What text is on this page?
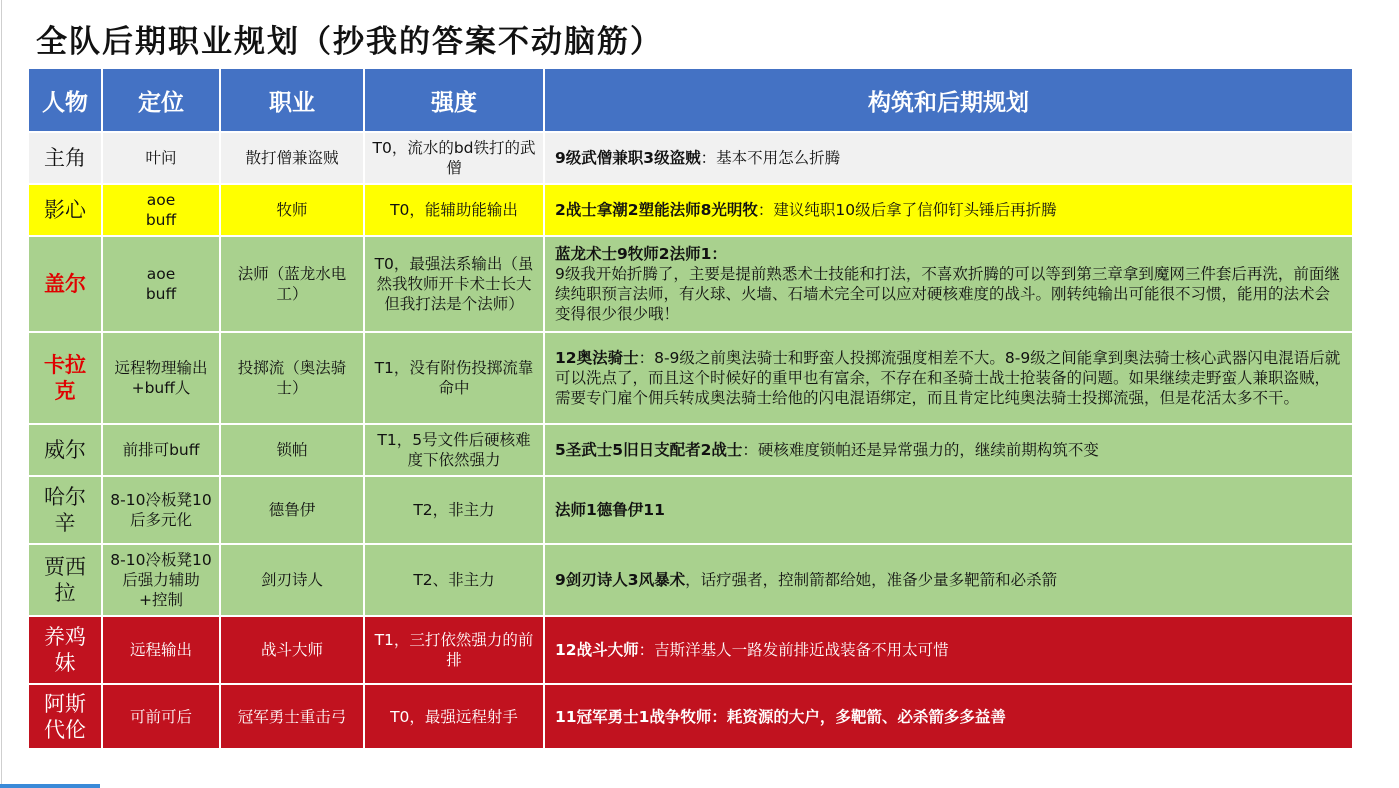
全队后期职业规划（抄我的答案不动脑筋）	游戏区EX bilibili
人物	定位	职业	强度	构筑和后期规划
主角	叶问	散打僧兼盗贼	T0，流水的bd铁打的武僧	9级武僧兼职3级盗贼：基本不用怎么折腾
影心	aoe buff	牧师	T0，能辅助能输出	2战士拿潮2塑能法师8光明牧：建议纯职10级后拿了信仰钉头锤后再折腾
盖尔	aoe buff	法师（蓝龙水电工）	T0，最强法系输出（虽然我牧师开卡术士长大但我打法是个法师）	蓝龙术士9牧师2法师1：
9级我开始折腾了，主要是提前熟悉术士技能和打法，不喜欢折腾的可以等到第三章拿到魔网三件套后再洗，前面继续纯职预言法师，有火球、火墙、石墙术完全可以应对硬核难度的战斗。刚转纯输出可能很不习惯，能用的法术会变得很少很少哦！
卡拉克	远程物理输出+buff人	投掷流（奥法骑士）	T1，没有附伤投掷流靠命中	12奥法骑士：8-9级之前奥法骑士和野蛮人投掷流强度相差不大。8-9级之间能拿到奥法骑士核心武器闪电混语后就可以洗点了，而且这个时候好的重甲也有富余，不存在和圣骑士战士抢装备的问题。如果继续走野蛮人兼职盗贼，需要专门雇个佣兵转成奥法骑士给他的闪电混语绑定，而且肯定比纯奥法骑士投掷流强，但是花活太多不干。
威尔	前排可buff	锁帕	T1，5号文件后硬核难度下依然强力	5圣武士5旧日支配者2战士：硬核难度锁帕还是异常强力的，继续前期构筑不变
哈尔辛	8-10冷板凳10后多元化	德鲁伊	T2，非主力	法师1德鲁伊11
贾西拉	8-10冷板凳10后强力辅助+控制	剑刃诗人	T2、非主力	9剑刃诗人3风暴术，话疗强者，控制箭都给她，准备少量多靶箭和必杀箭
养鸡妹	远程输出	战斗大师	T1，三打依然强力的前排	12战斗大师：吉斯洋基人一路发前排近战装备不用太可惜
阿斯代伦	可前可后	冠军勇士重击弓	T0，最强远程射手	11冠军勇士1战争牧师：耗资源的大户，多靶箭、必杀箭多多益善
